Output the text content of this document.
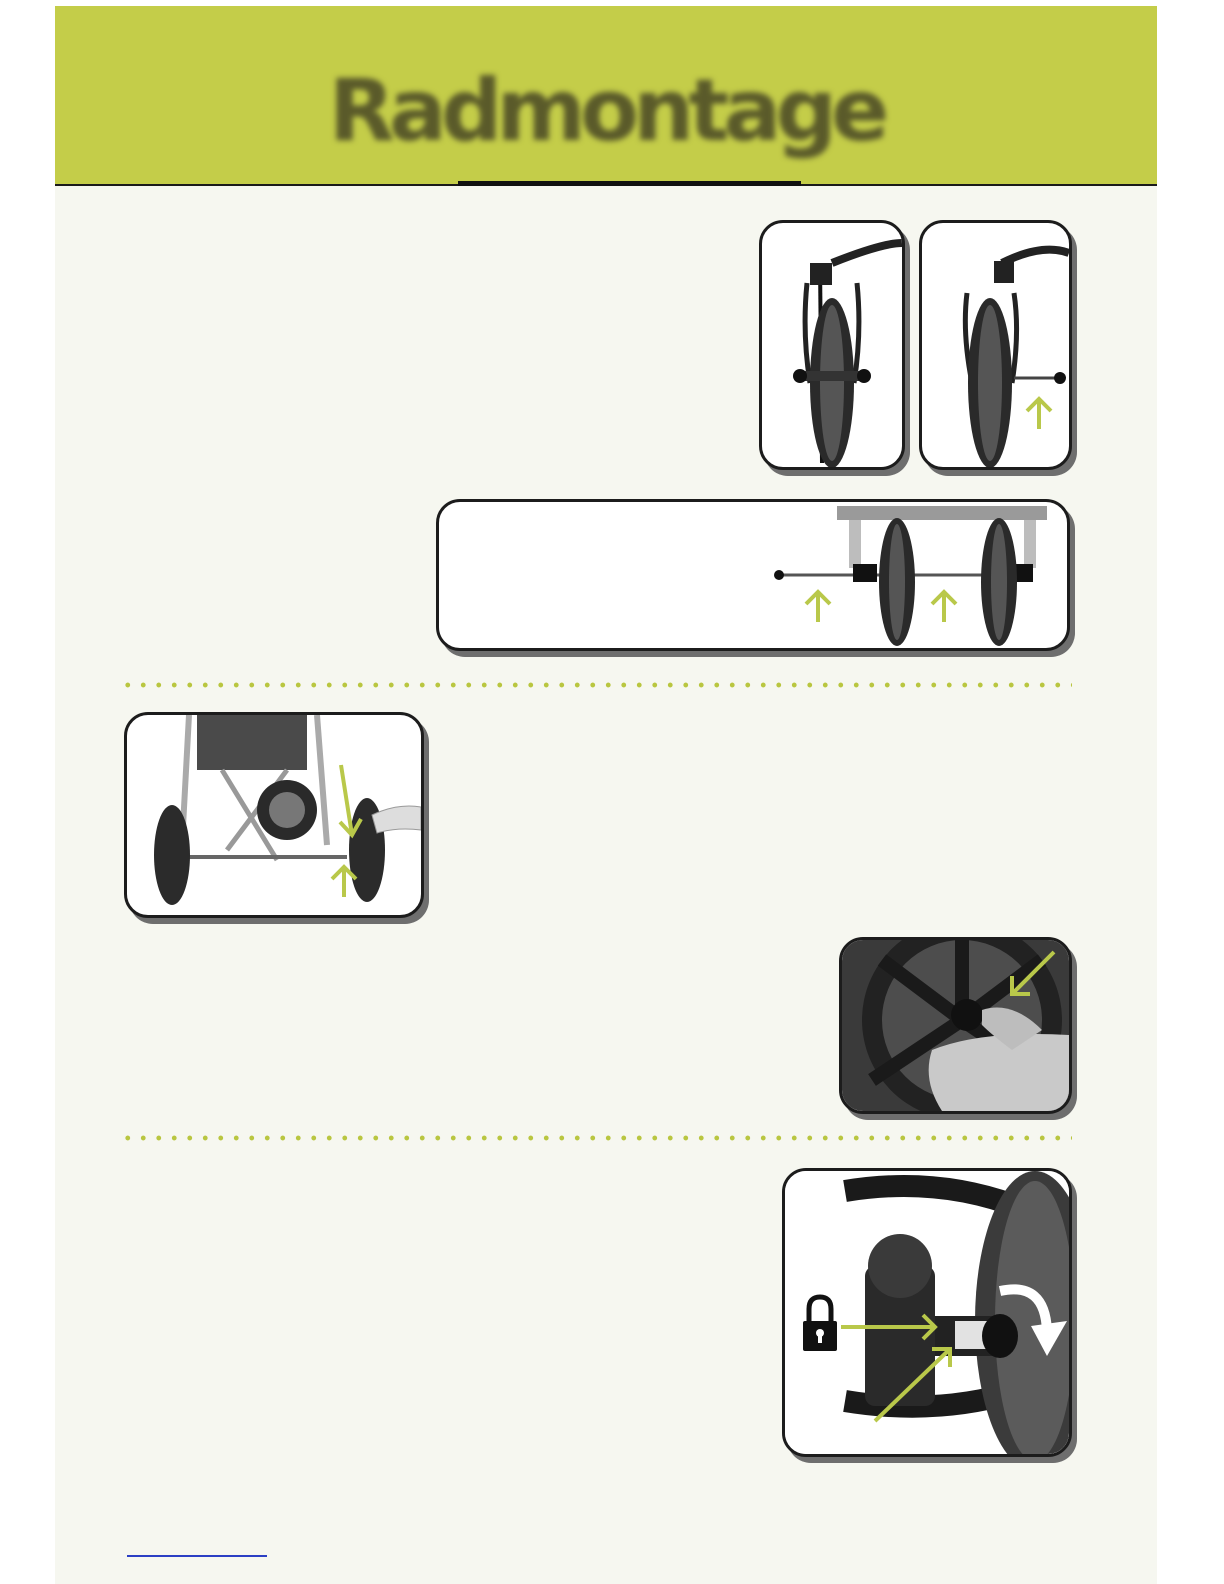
Radmontage
